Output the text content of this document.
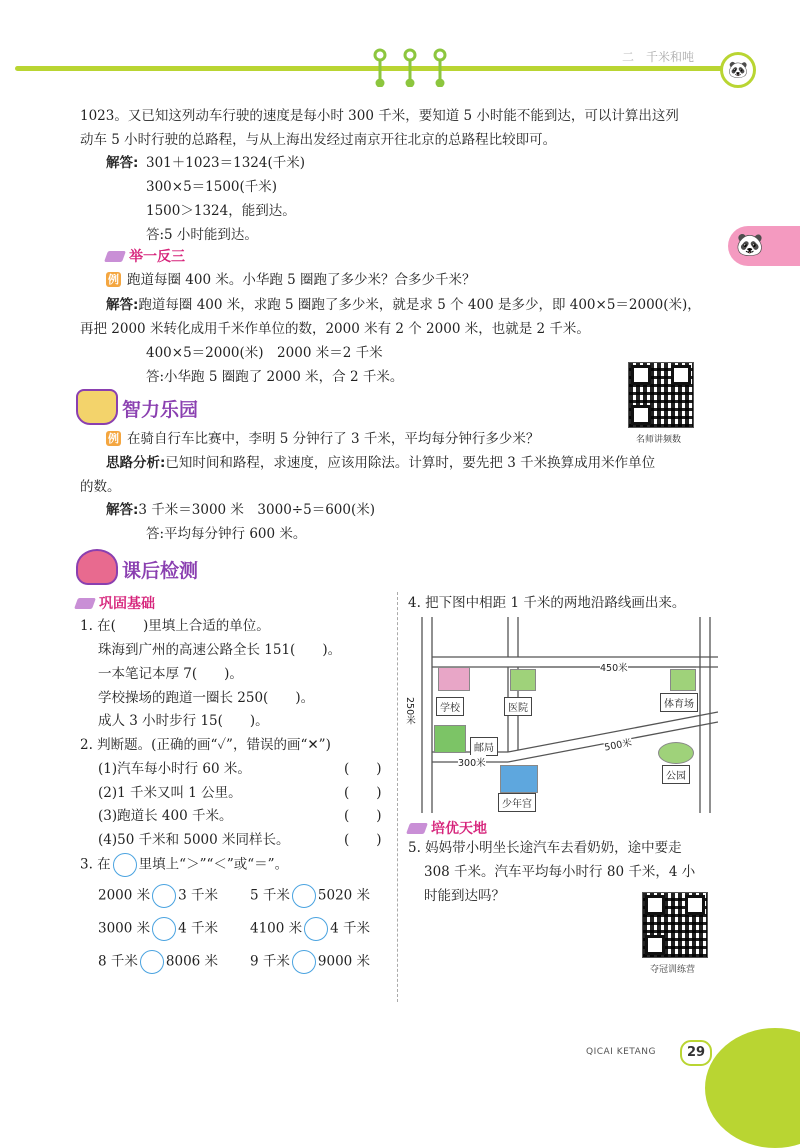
二　千米和吨
🐼
🐼
1023。又已知这列动车行驶的速度是每小时 300 千米，要知道 5 小时能不能到达，可以计算出这列
动车 5 小时行驶的总路程，与从上海出发经过南京开往北京的总路程比较即可。
解答: 301＋1023＝1324(千米)
300×5＝1500(千米)
1500＞1324，能到达。
答:5 小时能到达。
举一反三
例 跑道每圈 400 米。小华跑 5 圈跑了多少米？合多少千米？
解答:跑道每圈 400 米，求跑 5 圈跑了多少米，就是求 5 个 400 是多少，即 400×5＝2000(米)，
再把 2000 米转化成用千米作单位的数，2000 米有 2 个 2000 米，也就是 2 千米。
400×5＝2000(米)　2000 米＝2 千米
答:小华跑 5 圈跑了 2000 米，合 2 千米。
名师讲频数
智力乐园
例 在骑自行车比赛中，李明 5 分钟行了 3 千米，平均每分钟行多少米？
思路分析:已知时间和路程，求速度，应该用除法。计算时，要先把 3 千米换算成用米作单位
的数。
解答:3 千米＝3000 米　3000÷5＝600(米)
答:平均每分钟行 600 米。
课后检测
巩固基础
1. 在(　　)里填上合适的单位。
珠海到广州的高速公路全长 151(　　)。
一本笔记本厚 7(　　)。
学校操场的跑道一圈长 250(　　)。
成人 3 小时步行 15(　　)。
2. 判断题。(正确的画“✓”，错误的画“✕”)
(1)汽车每小时行 60 米。	(　　)
(2)1 千米又叫 1 公里。	(　　)
(3)跑道长 400 千米。	(　　)
(4)50 千米和 5000 米同样长。	(　　)
3. 在 里填上“＞”“＜”或“＝”。
2000 米 3 千米 5 千米 5020 米
3000 米 4 千米 4100 米 4 千米
8 千米 8006 米 9 千米 9000 米
4. 把下图中相距 1 千米的两地沿路线画出来。
学校	医院	体育场
邮局
少年宫
公园
450米
250米
500米
300米
培优天地
5. 妈妈带小明坐长途汽车去看奶奶，途中要走
308 千米。汽车平均每小时行 80 千米，4 小
时能到达吗？
夺冠训练营
QICAI KETANG	29
